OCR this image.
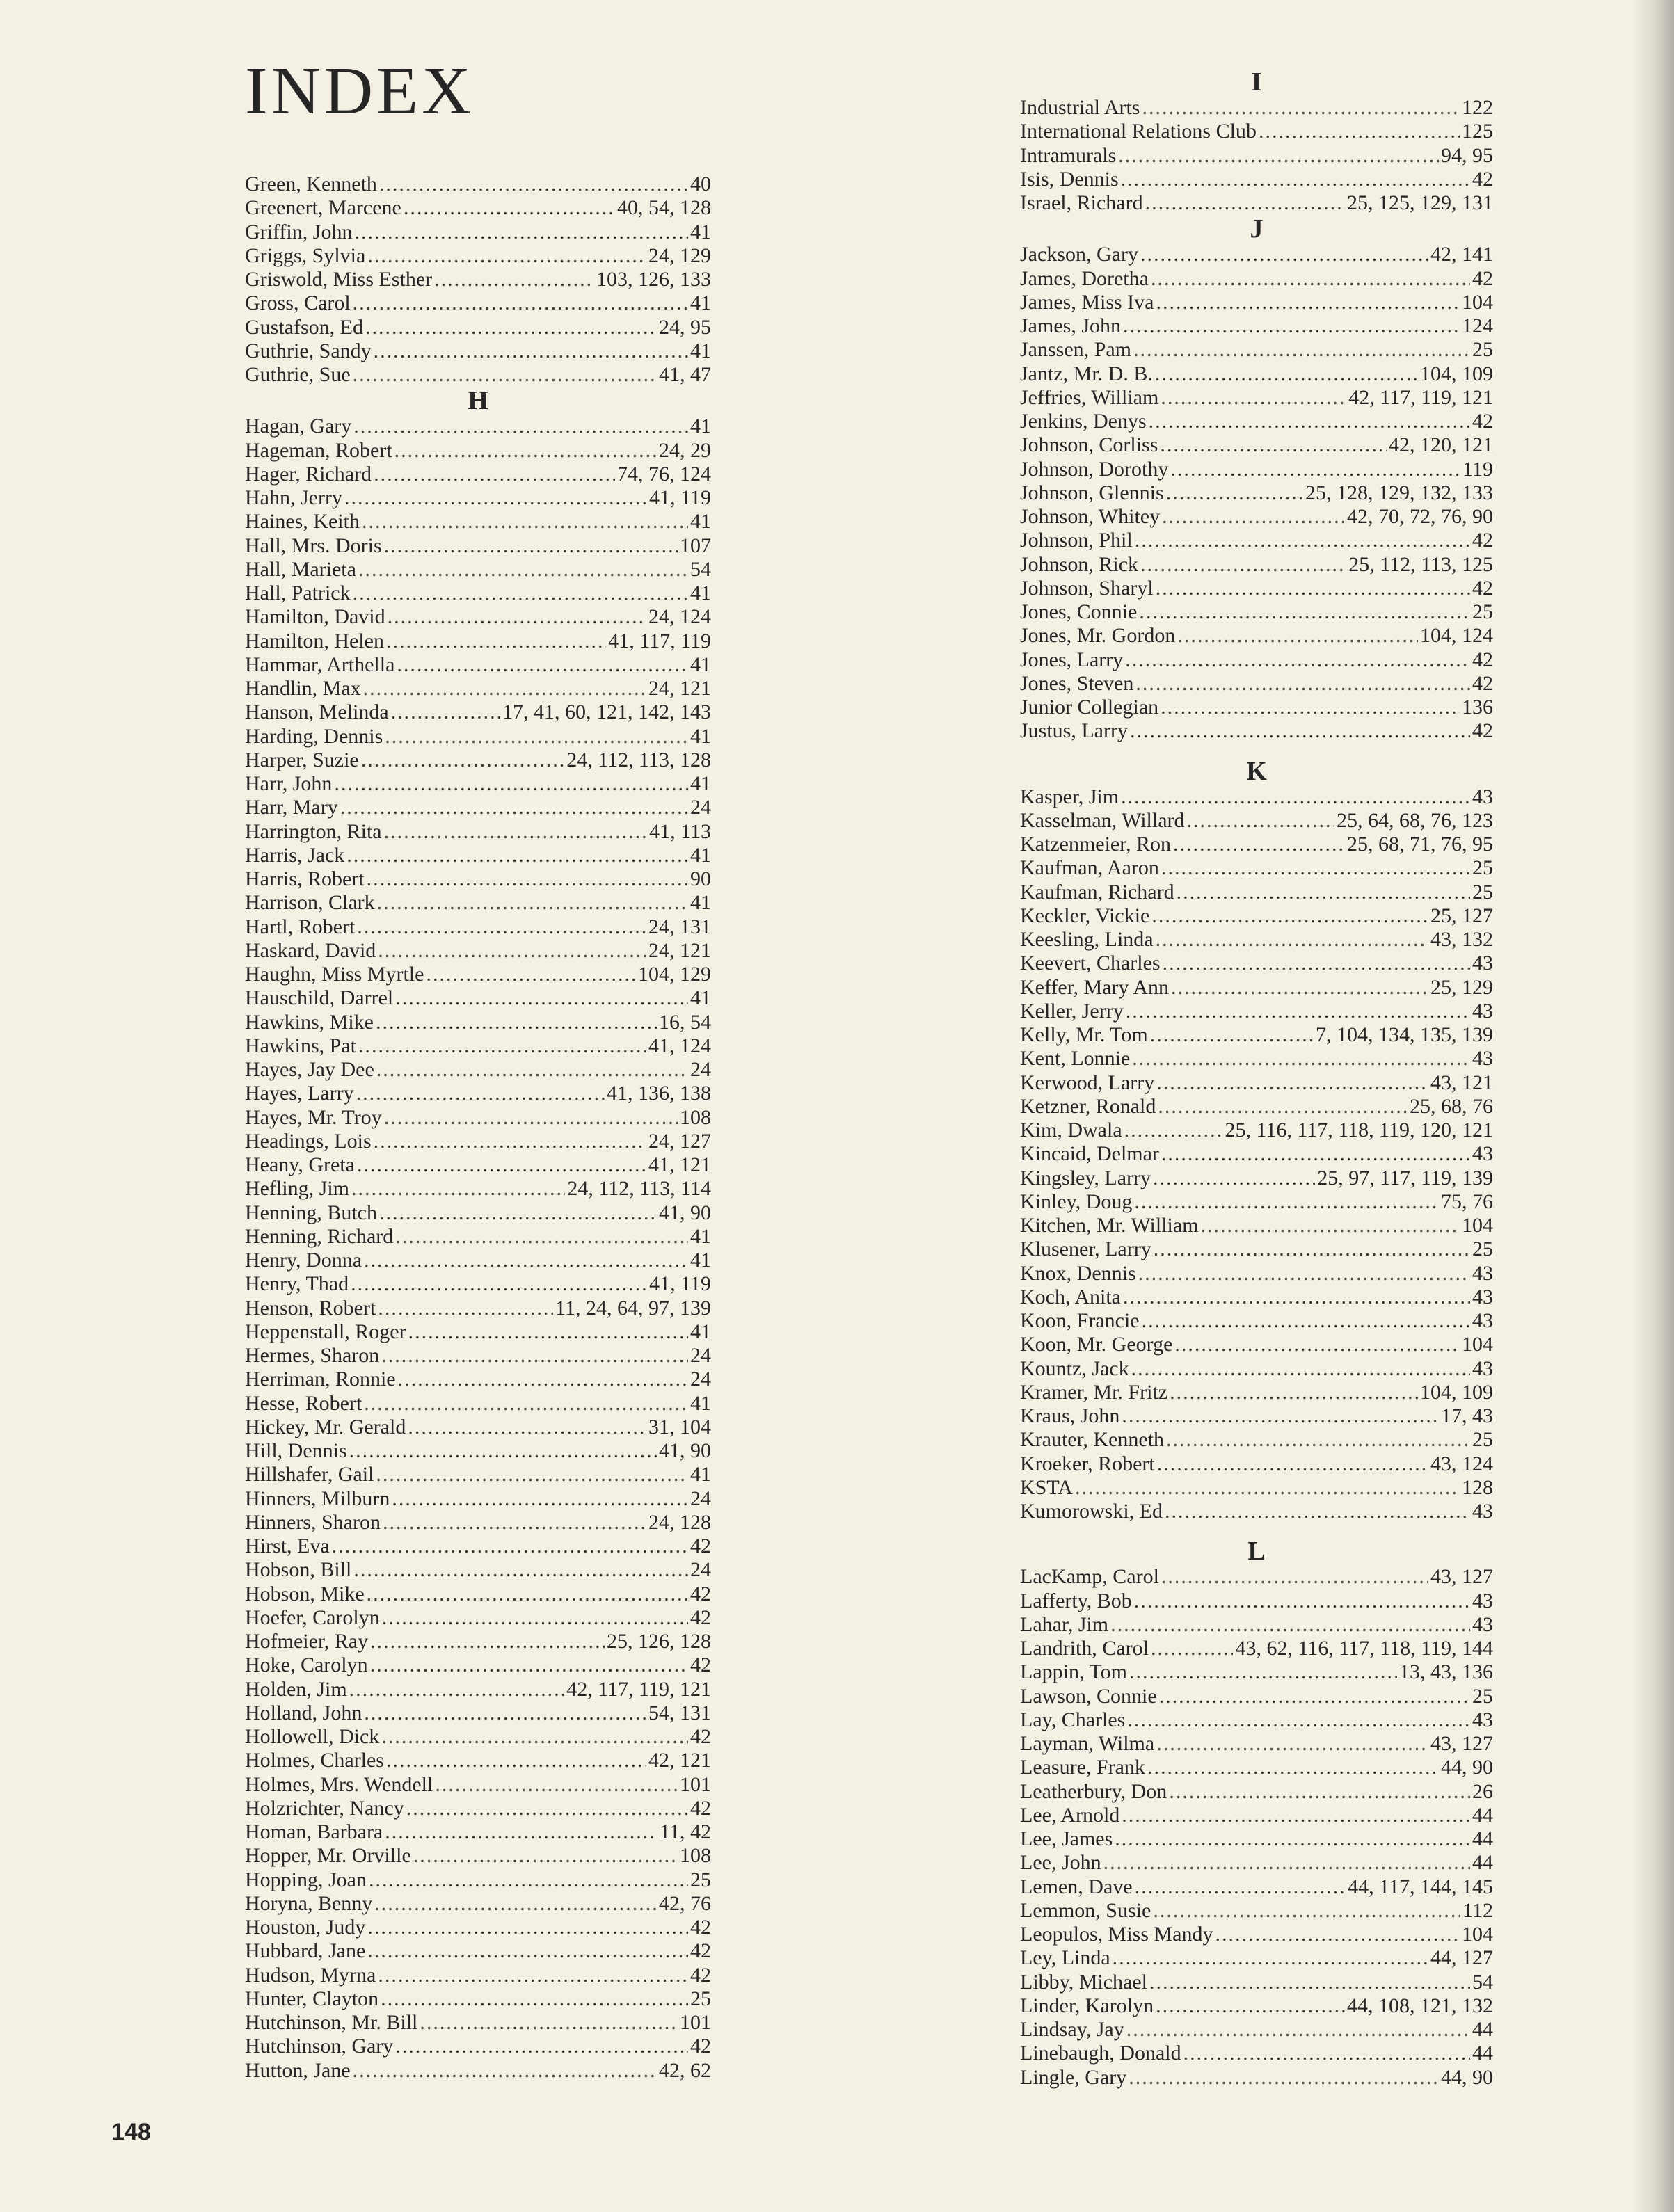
INDEX
Green, Kenneth .....	40
Greenert, Marcene .....	40, 54, 128
Griffin, John .....	41
Griggs, Sylvia .....	24, 129
Griswold, Miss Esther .....	103, 126, 133
Gross, Carol .....	41
Gustafson, Ed .....	24, 95
Guthrie, Sandy .....	41
Guthrie, Sue .....	41, 47
H
Hagan, Gary .....	41
Hageman, Robert .....	24, 29
Hager, Richard .....	74, 76, 124
Hahn, Jerry .....	41, 119
Haines, Keith .....	41
Hall, Mrs. Doris .....	107
Hall, Marieta .....	54
Hall, Patrick .....	41
Hamilton, David .....	24, 124
Hamilton, Helen .....	41, 117, 119
Hammar, Arthella .....	41
Handlin, Max .....	24, 121
Hanson, Melinda .....	17, 41, 60, 121, 142, 143
Harding, Dennis .....	41
Harper, Suzie .....	24, 112, 113, 128
Harr, John .....	41
Harr, Mary .....	24
Harrington, Rita .....	41, 113
Harris, Jack .....	41
Harris, Robert .....	90
Harrison, Clark .....	41
Hartl, Robert .....	24, 131
Haskard, David .....	24, 121
Haughn, Miss Myrtle .....	104, 129
Hauschild, Darrel .....	41
Hawkins, Mike .....	16, 54
Hawkins, Pat .....	41, 124
Hayes, Jay Dee .....	24
Hayes, Larry .....	41, 136, 138
Hayes, Mr. Troy .....	108
Headings, Lois .....	24, 127
Heany, Greta .....	41, 121
Hefling, Jim .....	24, 112, 113, 114
Henning, Butch .....	41, 90
Henning, Richard .....	41
Henry, Donna .....	41
Henry, Thad .....	41, 119
Henson, Robert .....	11, 24, 64, 97, 139
Heppenstall, Roger .....	41
Hermes, Sharon .....	24
Herriman, Ronnie .....	24
Hesse, Robert .....	41
Hickey, Mr. Gerald .....	31, 104
Hill, Dennis .....	41, 90
Hillshafer, Gail .....	41
Hinners, Milburn .....	24
Hinners, Sharon .....	24, 128
Hirst, Eva .....	42
Hobson, Bill .....	24
Hobson, Mike .....	42
Hoefer, Carolyn .....	42
Hofmeier, Ray .....	25, 126, 128
Hoke, Carolyn .....	42
Holden, Jim .....	42, 117, 119, 121
Holland, John .....	54, 131
Hollowell, Dick .....	42
Holmes, Charles .....	42, 121
Holmes, Mrs. Wendell .....	101
Holzrichter, Nancy .....	42
Homan, Barbara .....	11, 42
Hopper, Mr. Orville .....	108
Hopping, Joan .....	25
Horyna, Benny .....	42, 76
Houston, Judy .....	42
Hubbard, Jane .....	42
Hudson, Myrna .....	42
Hunter, Clayton .....	25
Hutchinson, Mr. Bill .....	101
Hutchinson, Gary .....	42
Hutton, Jane .....	42, 62
I
Industrial Arts .....	122
International Relations Club .....	125
Intramurals .....	94, 95
Isis, Dennis .....	42
Israel, Richard .....	25, 125, 129, 131
J
Jackson, Gary .....	42, 141
James, Doretha .....	42
James, Miss Iva .....	104
James, John .....	124
Janssen, Pam .....	25
Jantz, Mr. D. B. .....	104, 109
Jeffries, William .....	42, 117, 119, 121
Jenkins, Denys .....	42
Johnson, Corliss .....	42, 120, 121
Johnson, Dorothy .....	119
Johnson, Glennis .....	25, 128, 129, 132, 133
Johnson, Whitey .....	42, 70, 72, 76, 90
Johnson, Phil .....	42
Johnson, Rick .....	25, 112, 113, 125
Johnson, Sharyl .....	42
Jones, Connie .....	25
Jones, Mr. Gordon .....	104, 124
Jones, Larry .....	42
Jones, Steven .....	42
Junior Collegian .....	136
Justus, Larry .....	42
K
Kasper, Jim .....	43
Kasselman, Willard .....	25, 64, 68, 76, 123
Katzenmeier, Ron .....	25, 68, 71, 76, 95
Kaufman, Aaron .....	25
Kaufman, Richard .....	25
Keckler, Vickie .....	25, 127
Keesling, Linda .....	43, 132
Keevert, Charles .....	43
Keffer, Mary Ann .....	25, 129
Keller, Jerry .....	43
Kelly, Mr. Tom .....	7, 104, 134, 135, 139
Kent, Lonnie .....	43
Kerwood, Larry .....	43, 121
Ketzner, Ronald .....	25, 68, 76
Kim, Dwala .....	25, 116, 117, 118, 119, 120, 121
Kincaid, Delmar .....	43
Kingsley, Larry .....	25, 97, 117, 119, 139
Kinley, Doug .....	75, 76
Kitchen, Mr. William .....	104
Klusener, Larry .....	25
Knox, Dennis .....	43
Koch, Anita .....	43
Koon, Francie .....	43
Koon, Mr. George .....	104
Kountz, Jack .....	43
Kramer, Mr. Fritz .....	104, 109
Kraus, John .....	17, 43
Krauter, Kenneth .....	25
Kroeker, Robert .....	43, 124
KSTA .....	128
Kumorowski, Ed .....	43
L
LacKamp, Carol .....	43, 127
Lafferty, Bob .....	43
Lahar, Jim .....	43
Landrith, Carol .....	43, 62, 116, 117, 118, 119, 144
Lappin, Tom .....	13, 43, 136
Lawson, Connie .....	25
Lay, Charles .....	43
Layman, Wilma .....	43, 127
Leasure, Frank .....	44, 90
Leatherbury, Don .....	26
Lee, Arnold .....	44
Lee, James .....	44
Lee, John .....	44
Lemen, Dave .....	44, 117, 144, 145
Lemmon, Susie .....	112
Leopulos, Miss Mandy .....	104
Ley, Linda .....	44, 127
Libby, Michael .....	54
Linder, Karolyn .....	44, 108, 121, 132
Lindsay, Jay .....	44
Linebaugh, Donald .....	44
Lingle, Gary .....	44, 90
148
